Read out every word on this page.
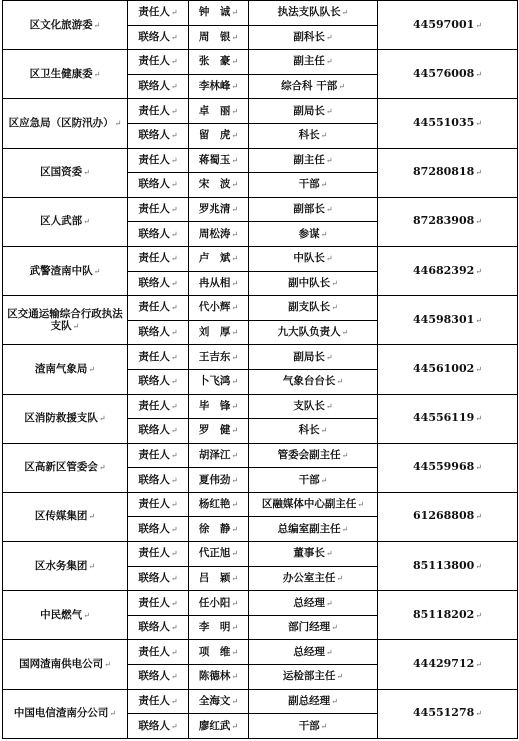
区文化旅游委↵	责任人↵	钟　诚↵	执法支队队长↵	44597001↵
	联络人↵	周　银↵	副科长↵	
区卫生健康委↵	责任人↵	张　豪↵	副主任↵	44576008↵
	联络人↵	李林峰↵	综合科 干部↵	
区应急局（区防汛办）↵	责任人↵	卓　丽↵	副局长↵	44551035↵
	联络人↵	留　虎↵	科长↵	
区国资委↵	责任人↵	蒋蜀玉↵	副主任↵	87280818↵
	联络人↵	宋　波↵	干部↵	
区人武部↵	责任人↵	罗兆清↵	副部长↵	87283908↵
	联络人↵	周松涛↵	参谋↵	
武警渣南中队↵	责任人↵	卢　斌↵	中队长↵	44682392↵
	联络人↵	冉从相↵	副中队长↵	
区交通运输综合行政执法支队↵	责任人↵	代小辉↵	副支队长↵	44598301↵
	联络人↵	刘　厚↵	九大队负责人↵	
渣南气象局↵	责任人↵	王吉东↵	副局长↵	44561002↵
	联络人↵	卜飞鸿↵	气象台台长↵	
区消防救援支队↵	责任人↵	毕　锋↵	支队长↵	44556119↵
	联络人↵	罗　健↵	科长↵	
区高新区管委会↵	责任人↵	胡泽江↵	管委会副主任↵	44559968↵
	联络人↵	夏伟劲↵	干部↵	
区传媒集团↵	责任人↵	杨红艳↵	区融媒体中心副主任↵	61268808↵
	联络人↵	徐　静↵	总编室副主任↵	
区水务集团↵	责任人↵	代正旭↵	董事长↵	85113800↵
	联络人↵	吕　颖↵	办公室主任↵	
中民燃气↵	责任人↵	任小阳↵	总经理↵	85118202↵
	联络人↵	李　明↵	部门经理↵	
国网渣南供电公司↵	责任人↵	项　维↵	总经理↵	44429712↵
	联络人↵	陈德林↵	运检部主任↵	
中国电信渣南分公司↵	责任人↵	全海文↵	副总经理↵	44551278↵
	联络人↵	廖红武↵	干部↵	
